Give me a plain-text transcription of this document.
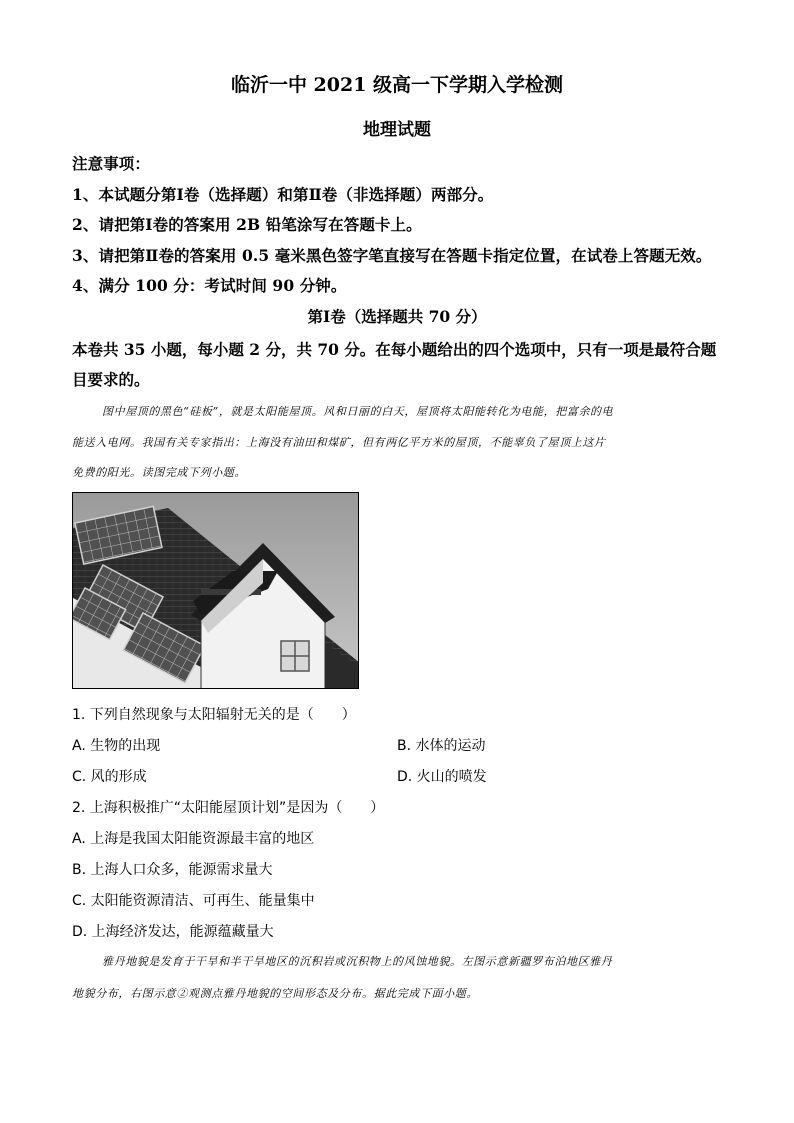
临沂一中 2021 级高一下学期入学检测
地理试题
注意事项：
1、本试题分第Ⅰ卷（选择题）和第Ⅱ卷（非选择题）两部分。
2、请把第Ⅰ卷的答案用 2B 铅笔涂写在答题卡上。
3、请把第Ⅱ卷的答案用 0.5 毫米黑色签字笔直接写在答题卡指定位置，在试卷上答题无效。
4、满分 100 分：考试时间 90 分钟。
第Ⅰ卷（选择题共 70 分）
本卷共 35 小题，每小题 2 分，共 70 分。在每小题给出的四个选项中，只有一项是最符合题
目要求的。
图中屋顶的黑色“硅板”，就是太阳能屋顶。风和日丽的白天，屋顶将太阳能转化为电能，把富余的电
能送入电网。我国有关专家指出：上海没有油田和煤矿，但有两亿平方米的屋顶，不能辜负了屋顶上这片
免费的阳光。读图完成下列小题。
1. 下列自然现象与太阳辐射无关的是（　　）
A. 生物的出现	B. 水体的运动
C. 风的形成	D. 火山的喷发
2. 上海积极推广“太阳能屋顶计划”是因为（　　）
A. 上海是我国太阳能资源最丰富的地区
B. 上海人口众多，能源需求量大
C. 太阳能资源清洁、可再生、能量集中
D. 上海经济发达，能源蕴藏量大
雅丹地貌是发育于干旱和半干旱地区的沉积岩或沉积物上的风蚀地貌。左图示意新疆罗布泊地区雅丹
地貌分布，右图示意②观测点雅丹地貌的空间形态及分布。据此完成下面小题。
